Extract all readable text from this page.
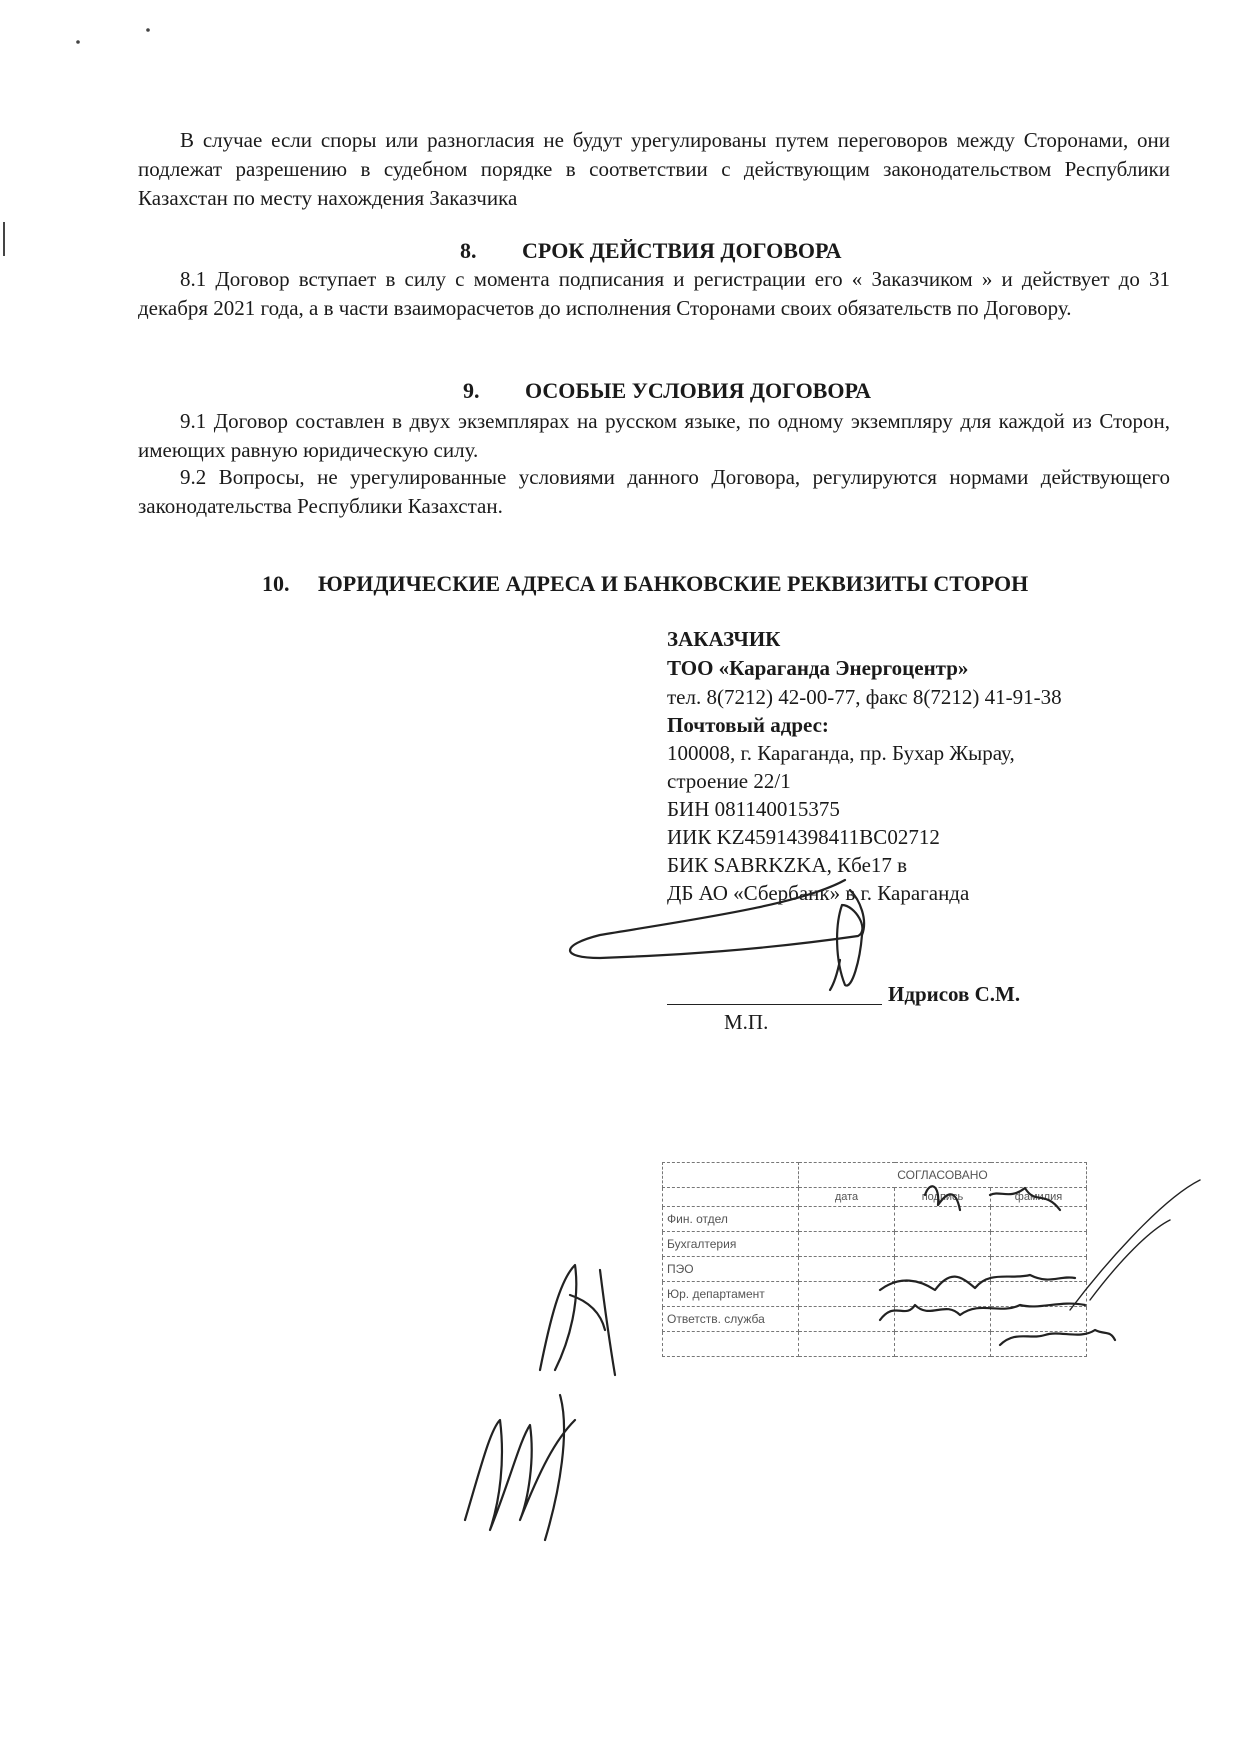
В случае если споры или разногласия не будут урегулированы путем переговоров между Сторонами, они подлежат разрешению в судебном порядке в соответствии с действующим законодательством Республики Казахстан по месту нахождения Заказчика
8. СРОК ДЕЙСТВИЯ ДОГОВОРА
8.1 Договор вступает в силу с момента подписания и регистрации его « Заказчиком » и действует до 31 декабря 2021 года, а в части взаиморасчетов до исполнения Сторонами своих обязательств по Договору.
9. ОСОБЫЕ УСЛОВИЯ ДОГОВОРА
9.1 Договор составлен в двух экземплярах на русском языке, по одному экземпляру для каждой из Сторон, имеющих равную юридическую силу.
9.2 Вопросы, не урегулированные условиями данного Договора, регулируются нормами действующего законодательства Республики Казахстан.
10. ЮРИДИЧЕСКИЕ АДРЕСА И БАНКОВСКИЕ РЕКВИЗИТЫ СТОРОН
ЗАКАЗЧИК
ТОО «Караганда Энергоцентр»
тел. 8(7212) 42-00-77, факс 8(7212) 41-91-38
Почтовый адрес:
100008, г. Караганда, пр. Бухар Жырау,
строение 22/1
БИН 081140015375
ИИК KZ45914398411BC02712
БИК SABRKZKA, Кбе17 в
ДБ АО «Сбербанк» в г. Караганда
Идрисов С.М.
М.П.

	СОГЛАСОВАНО		
	дата	подпись	фамилия
Фин. отдел			
Бухгалтерия			
ПЭО			
Юр. департамент			
Ответств. служба			
